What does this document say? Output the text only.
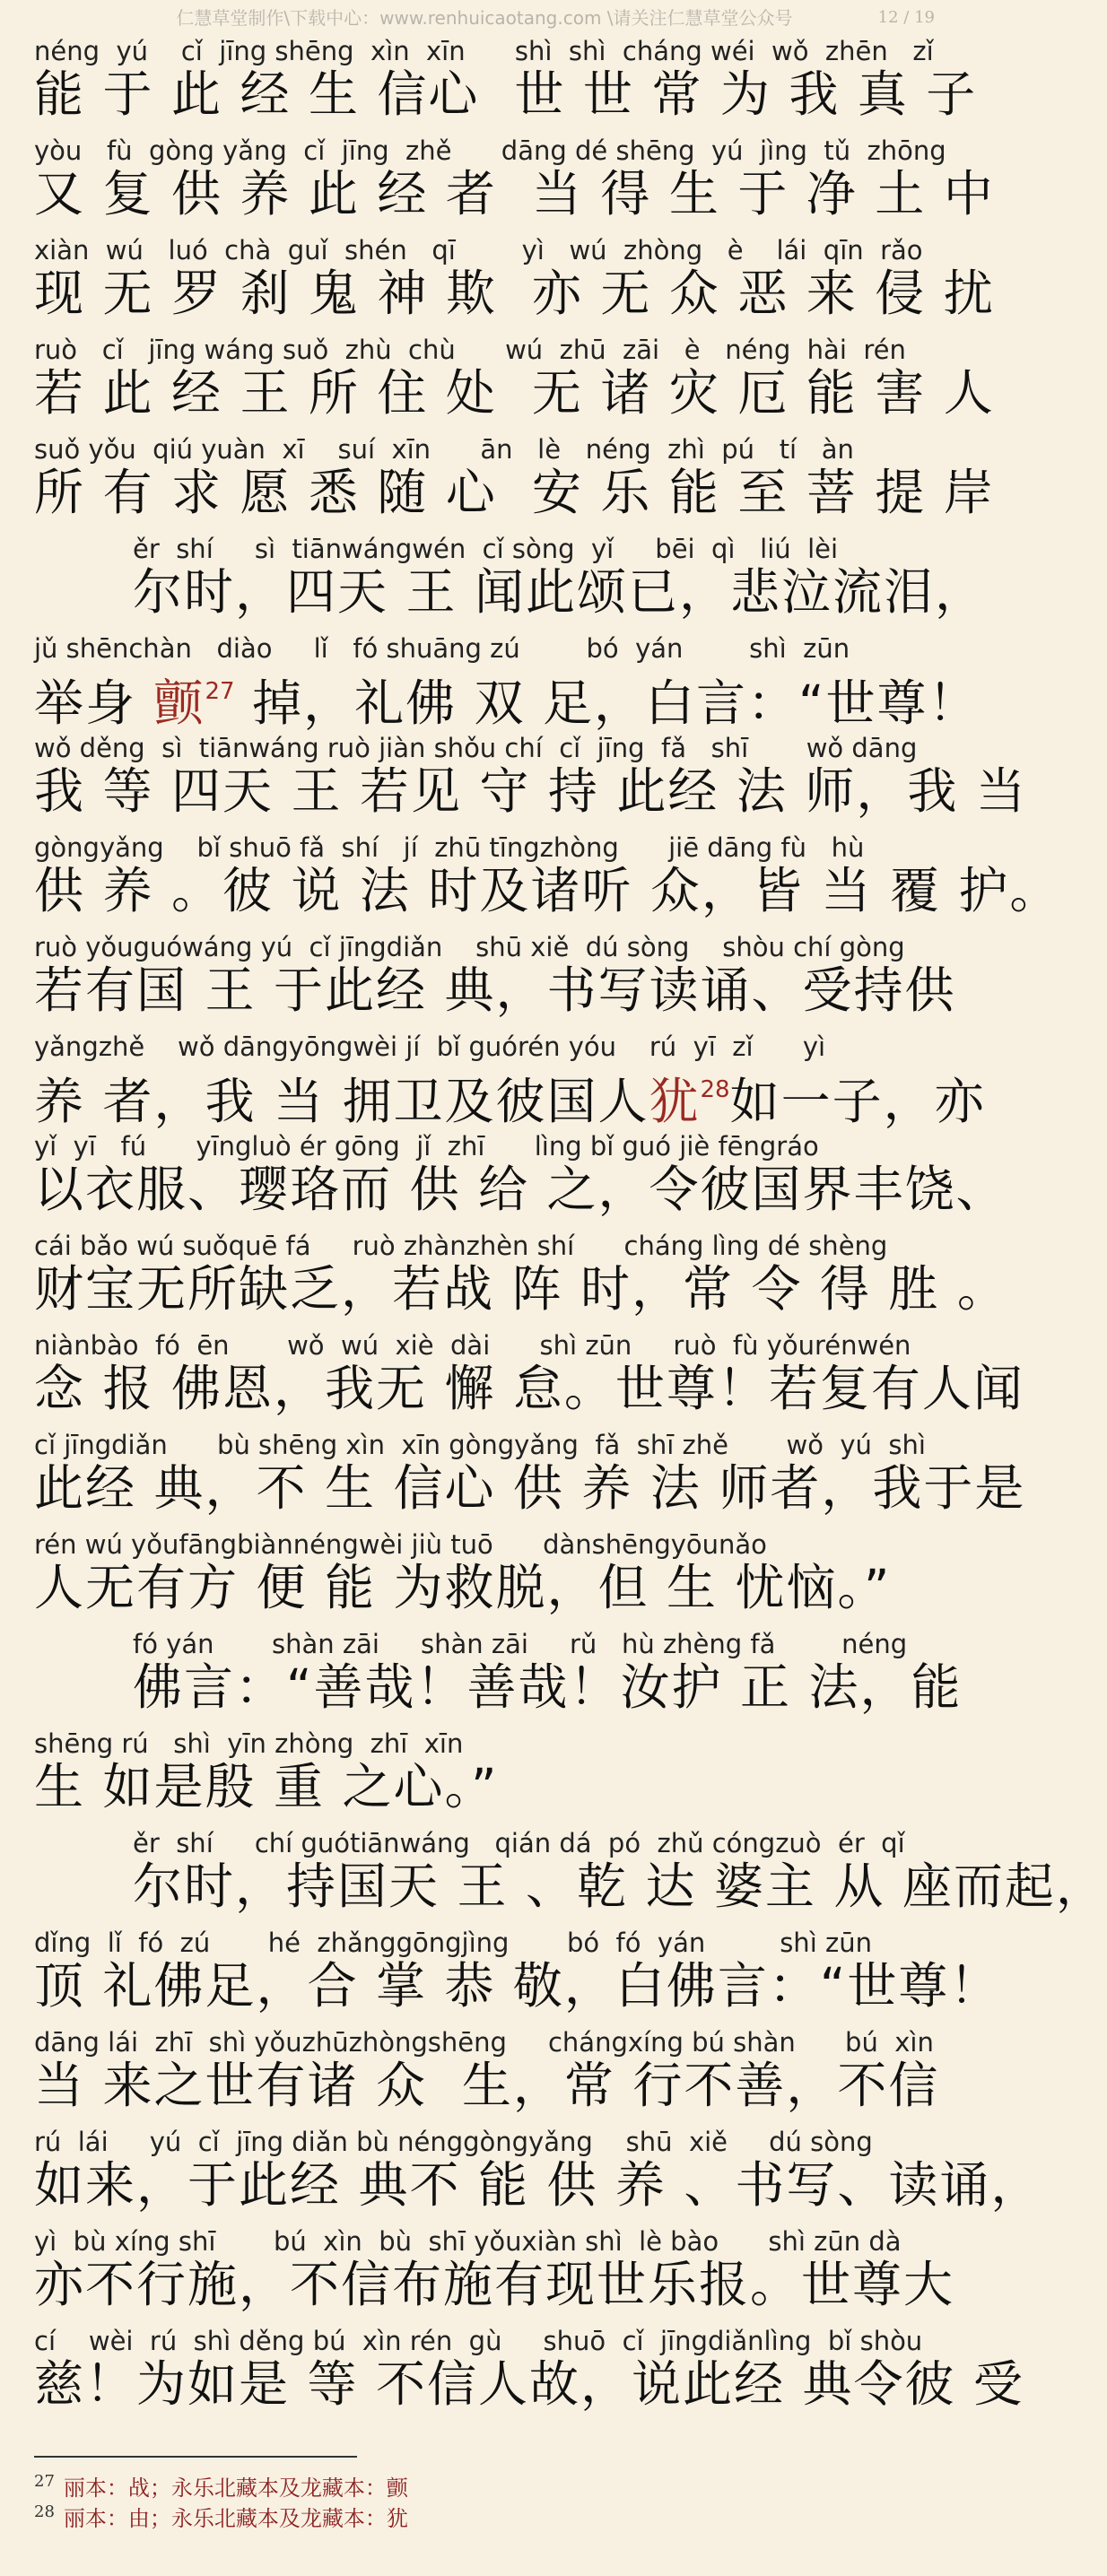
仁慧草堂制作\下载中心：www.renhuicaotang.com \请关注仁慧草堂公众号	12 / 19
néng  yú    cǐ  jīng shēng  xìn  xīn      shì  shì  cháng wéi  wǒ  zhēn   zǐ
能 于 此 经 生 信心  世 世 常 为 我 真 子
yòu   fù  gòng yǎng  cǐ  jīng  zhě      dāng dé shēng  yú  jìng  tǔ  zhōng
又 复 供 养 此 经 者  当 得 生 于 净 土 中
xiàn  wú   luó  chà  guǐ  shén   qī        yì   wú  zhòng   è    lái  qīn  rǎo
现 无 罗 刹 鬼 神 欺  亦 无 众 恶 来 侵 扰
ruò   cǐ   jīng wáng suǒ  zhù  chù      wú  zhū  zāi   è   néng  hài  rén
若 此 经 王 所 住 处  无 诸 灾 厄 能 害 人
suǒ yǒu  qiú yuàn  xī    suí  xīn      ān   lè   néng  zhì  pú   tí   àn
所 有 求 愿 悉 随 心  安 乐 能 至 菩 提 岸
ěr  shí     sì  tiānwángwén  cǐ sòng  yǐ     bēi  qì   liú  lèi
尔时，四天 王 闻此颂已，悲泣流泪，
jǔ shēnchàn   diào     lǐ   fó shuāng zú        bó  yán        shì  zūn
举身 颤$^{27}$ 掉，礼佛 双 足，白言：“世尊！
wǒ děng  sì  tiānwáng ruò jiàn shǒu chí  cǐ  jīng  fǎ   shī       wǒ dāng
我 等 四天 王 若见 守 持 此经 法 师，我 当
gòngyǎng    bǐ shuō fǎ  shí   jí  zhū tīngzhòng      jiē dāng fù   hù
供 养 。彼 说 法 时及诸听 众，皆 当 覆 护。
ruò yǒuguówáng yú  cǐ jīngdiǎn    shū xiě  dú sòng    shòu chí gòng
若有国 王 于此经 典，书写读诵、受持供
yǎngzhě    wǒ dāngyōngwèi jí  bǐ guórén yóu    rú  yī  zǐ      yì
养 者，我 当 拥卫及彼国人犹$^{28}$如一子，亦
yǐ  yī   fú      yīngluò ér gōng  jǐ  zhī      lìng bǐ guó jiè fēngráo
以衣服、璎珞而 供 给 之，令彼国界丰饶、
cái bǎo wú suǒquē fá     ruò zhànzhèn shí      cháng lìng dé shèng
财宝无所缺乏，若战 阵 时，常 令 得 胜 。
niànbào  fó  ēn       wǒ  wú  xiè  dài      shì zūn     ruò  fù yǒurénwén
念 报 佛恩，我无 懈 怠。世尊！若复有人闻
cǐ jīngdiǎn      bù shēng xìn  xīn gòngyǎng  fǎ  shī zhě       wǒ  yú  shì
此经 典，不 生 信心 供 养 法 师者，我于是
rén wú yǒufāngbiànnéngwèi jiù tuō      dànshēngyōunǎo
人无有方 便 能 为救脱，但 生 忧恼。”
fó yán       shàn zāi     shàn zāi     rǔ   hù zhèng fǎ        néng
佛言：“善哉！善哉！汝护 正 法，能
shēng rú   shì  yīn zhòng  zhī  xīn
生 如是殷 重 之心。”
ěr  shí     chí guótiānwáng   qián dá  pó  zhǔ cóngzuò  ér  qǐ
尔时，持国天 王 、乾 达 婆主 从 座而起，
dǐng  lǐ  fó  zú       hé  zhǎnggōngjìng       bó  fó  yán         shì zūn
顶 礼佛足，合 掌 恭 敬，白佛言：“世尊！
dāng lái  zhī  shì yǒuzhūzhòngshēng     chángxíng bú shàn      bú  xìn
当 来之世有诸 众  生，常 行不善，不信
rú  lái     yú  cǐ  jīng diǎn bù nénggòngyǎng    shū  xiě     dú sòng
如来，于此经 典不 能 供 养 、书写、读诵，
yì  bù xíng shī       bú  xìn  bù  shī yǒuxiàn shì  lè bào      shì zūn dà
亦不行施，不信布施有现世乐报。世尊大
cí    wèi  rú  shì děng bú  xìn rén  gù     shuō  cǐ  jīngdiǎnlìng  bǐ shòu
慈！为如是 等 不信人故，说此经 典令彼 受
$^{27}$ 丽本：战；永乐北藏本及龙藏本：颤
$^{28}$ 丽本：由；永乐北藏本及龙藏本：犹
